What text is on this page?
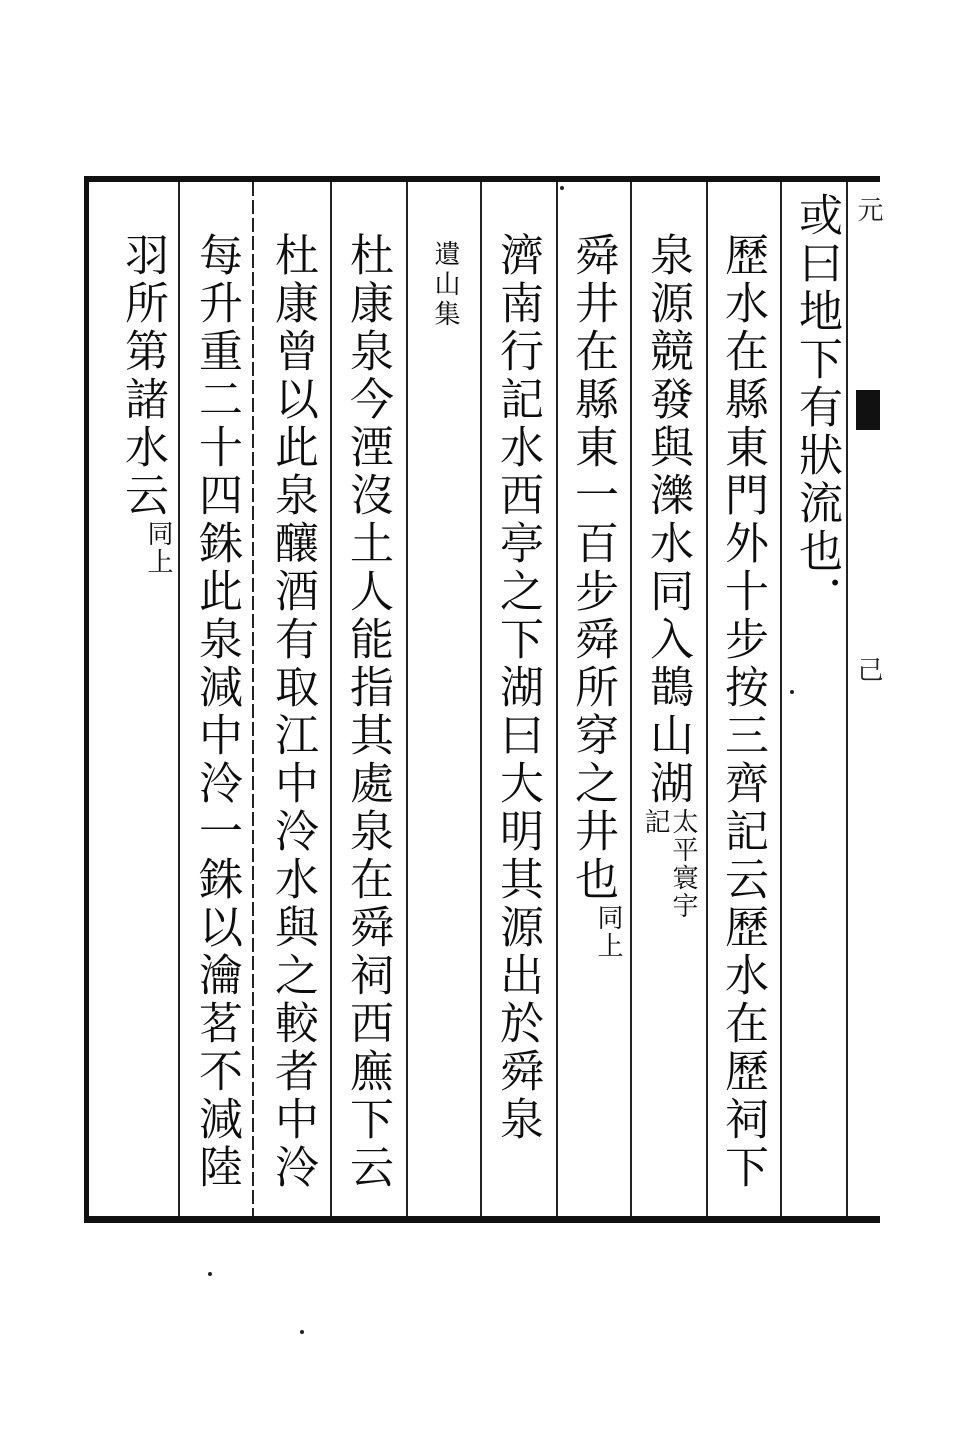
元
己
或曰地下有狀流也．
歷水在縣東門外十步按三齊記云歷水在歷祠下
泉源競發與濼水同入鵲山湖太平寰宇記
舜井在縣東一百步舜所穿之井也同上
濟南行記水西亭之下湖曰大明其源出於舜泉
遺山集
杜康泉今湮沒土人能指其處泉在舜祠西廡下云
杜康曾以此泉釀酒有取江中泠水與之較者中泠
每升重二十四銖此泉減中泠一銖以瀹茗不減陸
羽所第諸水云同上
